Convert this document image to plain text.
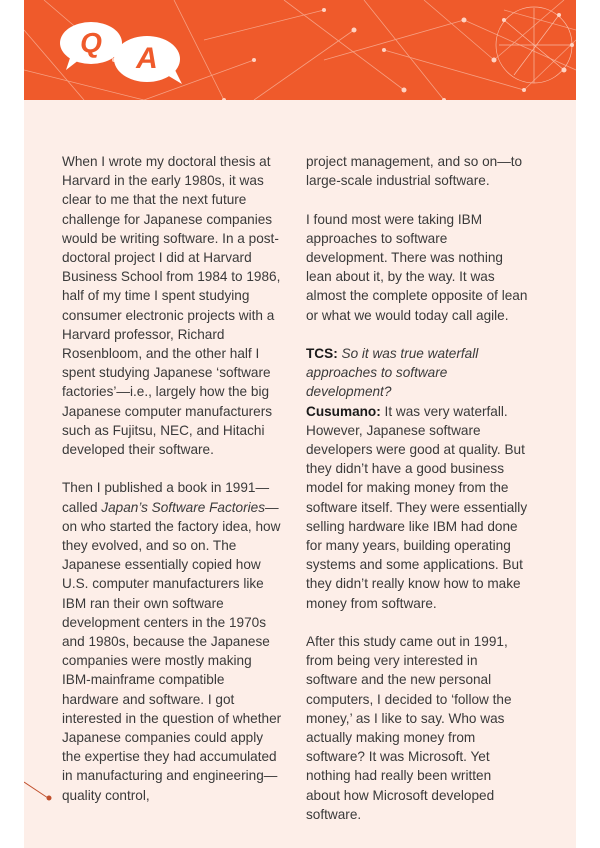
Q	A

When I wrote my doctoral thesis at Harvard in the early 1980s, it was clear to me that the next future challenge for Japanese companies would be writing software. In a post-doctoral project I did at Harvard Business School from 1984 to 1986, half of my time I spent studying consumer electronic projects with a Harvard professor, Richard Rosenbloom, and the other half I spent studying Japanese ‘software factories’—i.e., largely how the big Japanese computer manufacturers such as Fujitsu, NEC, and Hitachi developed their software.

Then I published a book in 1991—called Japan’s Software Factories—on who started the factory idea, how they evolved, and so on. The Japanese essentially copied how U.S. computer manufacturers like IBM ran their own software development centers in the 1970s and 1980s, because the Japanese companies were mostly making IBM-mainframe compatible hardware and software. I got interested in the question of whether Japanese companies could apply the expertise they had accumulated in manufacturing and engineering—quality control,

project management, and so on—to large-scale industrial software.

I found most were taking IBM approaches to software development. There was nothing lean about it, by the way. It was almost the complete opposite of lean or what we would today call agile.

TCS: So it was true waterfall approaches to software development?
Cusumano: It was very waterfall. However, Japanese software developers were good at quality. But they didn’t have a good business model for making money from the software itself. They were essentially selling hardware like IBM had done for many years, building operating systems and some applications. But they didn’t really know how to make money from software.

After this study came out in 1991, from being very interested in software and the new personal computers, I decided to ‘follow the money,’ as I like to say. Who was actually making money from software? It was Microsoft. Yet nothing had really been written about how Microsoft developed software.
